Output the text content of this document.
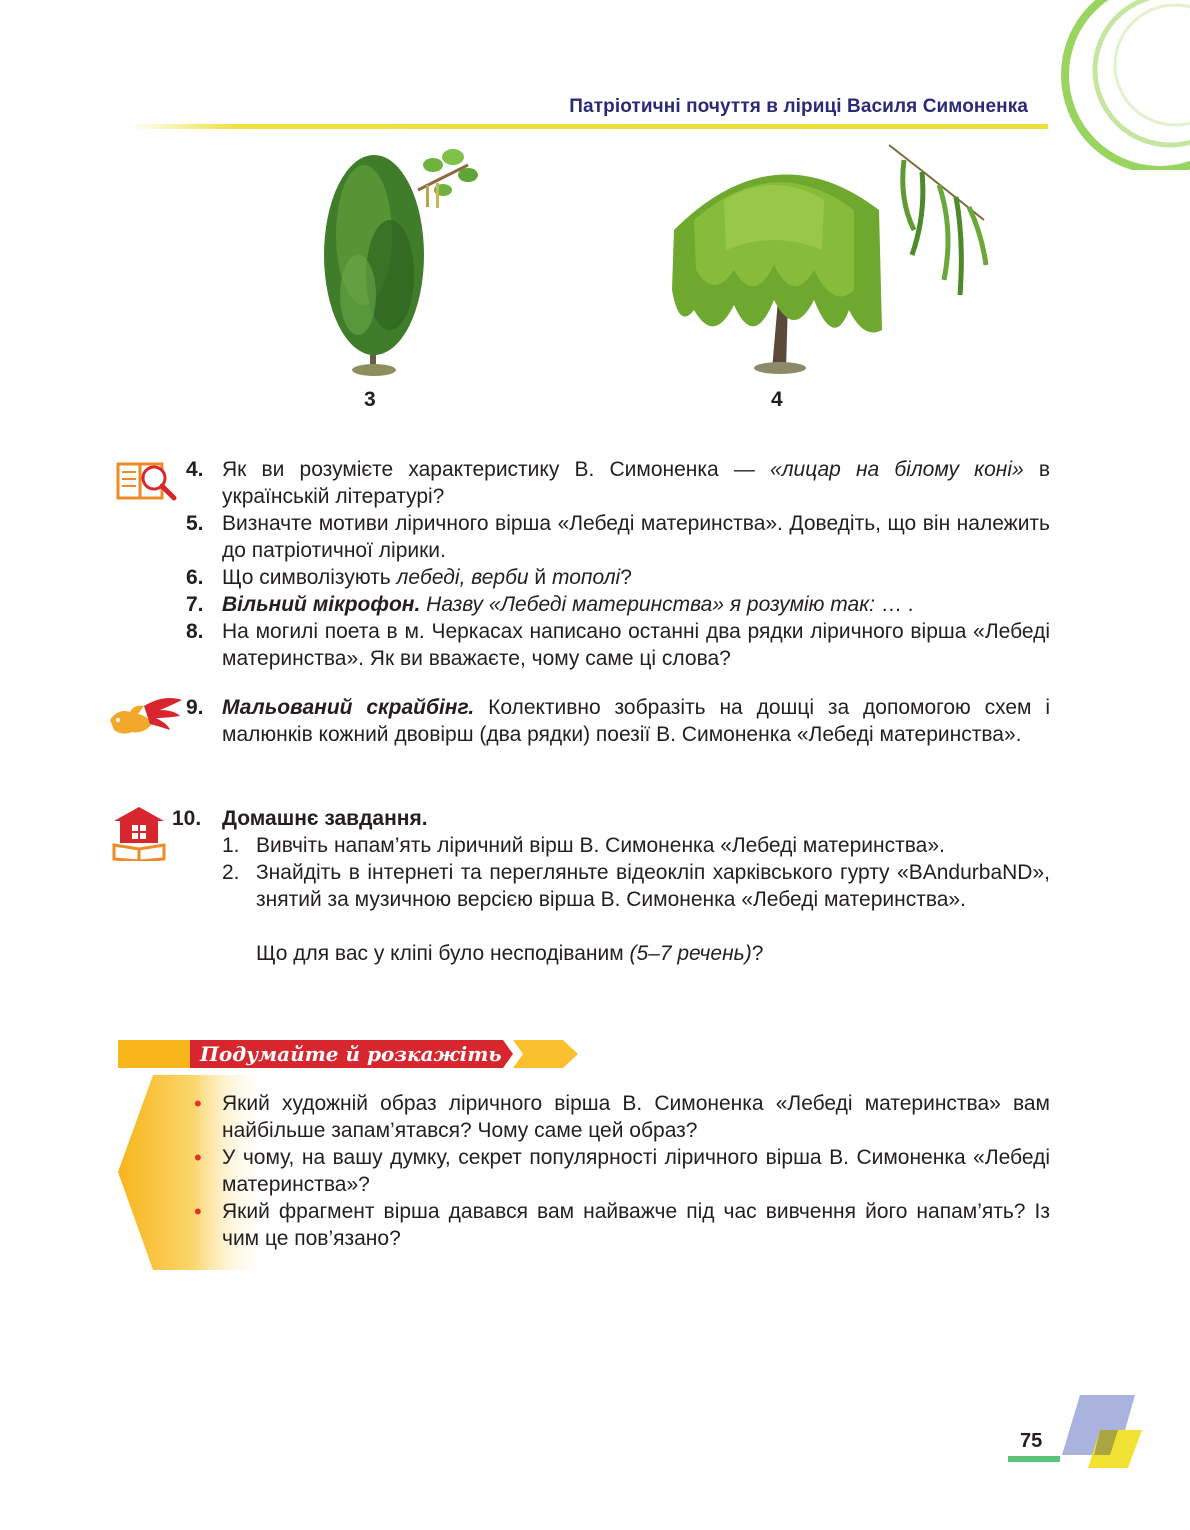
Патріотичні почуття в ліриці Василя Симоненка
3	4
4. Як ви розумієте характеристику В. Симоненка — «лицар на білому коні» в українській літературі?
5. Визначте мотиви ліричного вірша «Лебеді материнства». Доведіть, що він належить до патріотичної лірики.
6. Що символізують лебеді, верби й тополі?
7. Вільний мікрофон. Назву «Лебеді материнства» я розумію так: … .
8. На могилі поета в м. Черкасах написано останні два рядки ліричного вірша «Лебеді материнства». Як ви вважаєте, чому саме ці слова?
9. Мальований скрайбінг. Колективно зобразіть на дошці за допомогою схем і малюнків кожний двовірш (два рядки) поезії В. Симоненка «Лебеді материнства».
10. Домашнє завдання.
1. Вивчіть напам’ять ліричний вірш В. Симоненка «Лебеді материнства».
2. Знайдіть в інтернеті та перегляньте відеокліп харківського гурту «BAndurbaND», знятий за музичною версією вірша В. Симоненка «Лебеді материнства».
Що для вас у кліпі було несподіваним (5–7 речень)?
Подумайте й розкажіть
• Який художній образ ліричного вірша В. Симоненка «Лебеді материнства» вам найбільше запам’ятався? Чому саме цей образ?
• У чому, на вашу думку, секрет популярності ліричного вірша В. Симоненка «Лебеді материнства»?
• Який фрагмент вірша давався вам найважче під час вивчення його напам’ять? Із чим це пов’язано?
75
